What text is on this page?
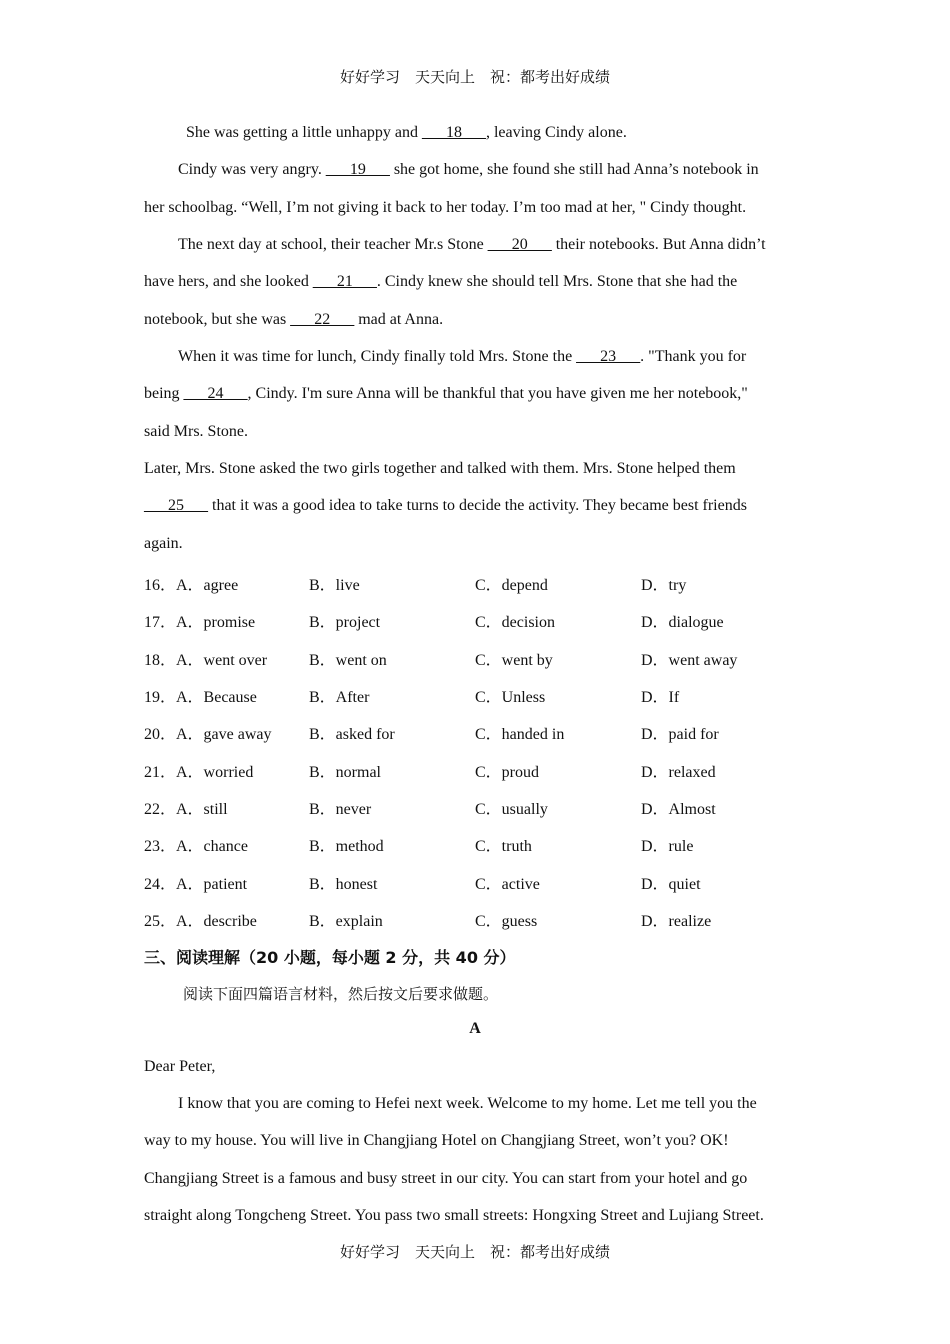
好好学习　天天向上　祝：都考出好成绩
She was getting a little unhappy and ___18___, leaving Cindy alone.
Cindy was very angry. ___19___ she got home, she found she still had Anna’s notebook in
her schoolbag. “Well, I’m not giving it back to her today. I’m too mad at her, " Cindy thought.
The next day at school, their teacher Mr.s Stone ___20___ their notebooks. But Anna didn’t
have hers, and she looked ___21___. Cindy knew she should tell Mrs. Stone that she had the
notebook, but she was ___22___ mad at Anna.
When it was time for lunch, Cindy finally told Mrs. Stone the ___23___. "Thank you for
being ___24___, Cindy. I'm sure Anna will be thankful that you have given me her notebook,"
said Mrs. Stone.
Later, Mrs. Stone asked the two girls together and talked with them. Mrs. Stone helped them
___25___ that it was a good idea to take turns to decide the activity. They became best friends
again.
16．A．agree	B．live	C．depend	D．try
17．A．promise	B．project	C．decision	D．dialogue
18．A．went over	B．went on	C．went by	D．went away
19．A．Because	B．After	C．Unless	D．If
20．A．gave away B．asked for	C．handed in	D．paid for
21．A．worried	B．normal	C．proud	D．relaxed
22．A．still	B．never	C．usually	D．Almost
23．A．chance	B．method	C．truth	D．rule
24．A．patient	B．honest	C．active	D．quiet
25．A．describe	B．explain	C．guess	D．realize
三、阅读理解（20 小题，每小题 2 分，共 40 分）
阅读下面四篇语言材料，然后按文后要求做题。
A
Dear Peter,
I know that you are coming to Hefei next week. Welcome to my home. Let me tell you the
way to my house. You will live in Changjiang Hotel on Changjiang Street, won’t you? OK!
Changjiang Street is a famous and busy street in our city. You can start from your hotel and go
straight along Tongcheng Street. You pass two small streets: Hongxing Street and Lujiang Street.
好好学习　天天向上　祝：都考出好成绩
